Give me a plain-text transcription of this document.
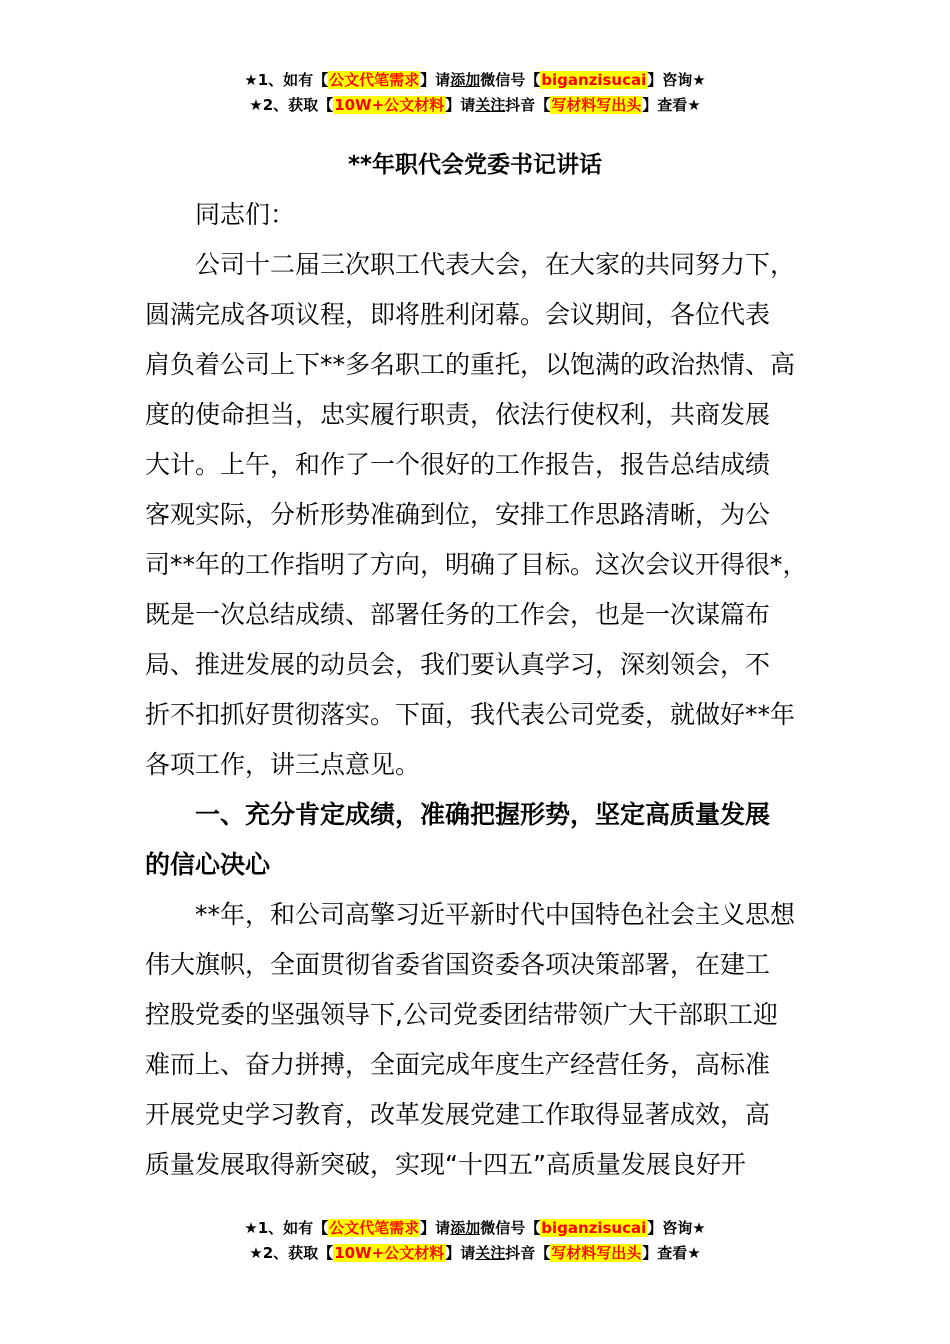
★1、如有【公文代笔需求】请添加微信号【biganzisucai】咨询★
★2、获取【10W+公文材料】请关注抖音【写材料写出头】查看★
**年职代会党委书记讲话
同志们：
公司十二届三次职工代表大会，在大家的共同努力下，
圆满完成各项议程，即将胜利闭幕。会议期间，各位代表
肩负着公司上下**多名职工的重托，以饱满的政治热情、高
度的使命担当，忠实履行职责，依法行使权利，共商发展
大计。上午，和作了一个很好的工作报告，报告总结成绩
客观实际，分析形势准确到位，安排工作思路清晰，为公
司**年的工作指明了方向，明确了目标。这次会议开得很*，
既是一次总结成绩、部署任务的工作会，也是一次谋篇布
局、推进发展的动员会，我们要认真学习，深刻领会，不
折不扣抓好贯彻落实。下面，我代表公司党委，就做好**年
各项工作，讲三点意见。
一、充分肯定成绩，准确把握形势，坚定高质量发展
的信心决心
**年，和公司高擎习近平新时代中国特色社会主义思想
伟大旗帜，全面贯彻省委省国资委各项决策部署，在建工
控股党委的坚强领导下,公司党委团结带领广大干部职工迎
难而上、奋力拼搏，全面完成年度生产经营任务，高标准
开展党史学习教育，改革发展党建工作取得显著成效，高
质量发展取得新突破，实现“十四五”高质量发展良好开
★1、如有【公文代笔需求】请添加微信号【biganzisucai】咨询★
★2、获取【10W+公文材料】请关注抖音【写材料写出头】查看★
